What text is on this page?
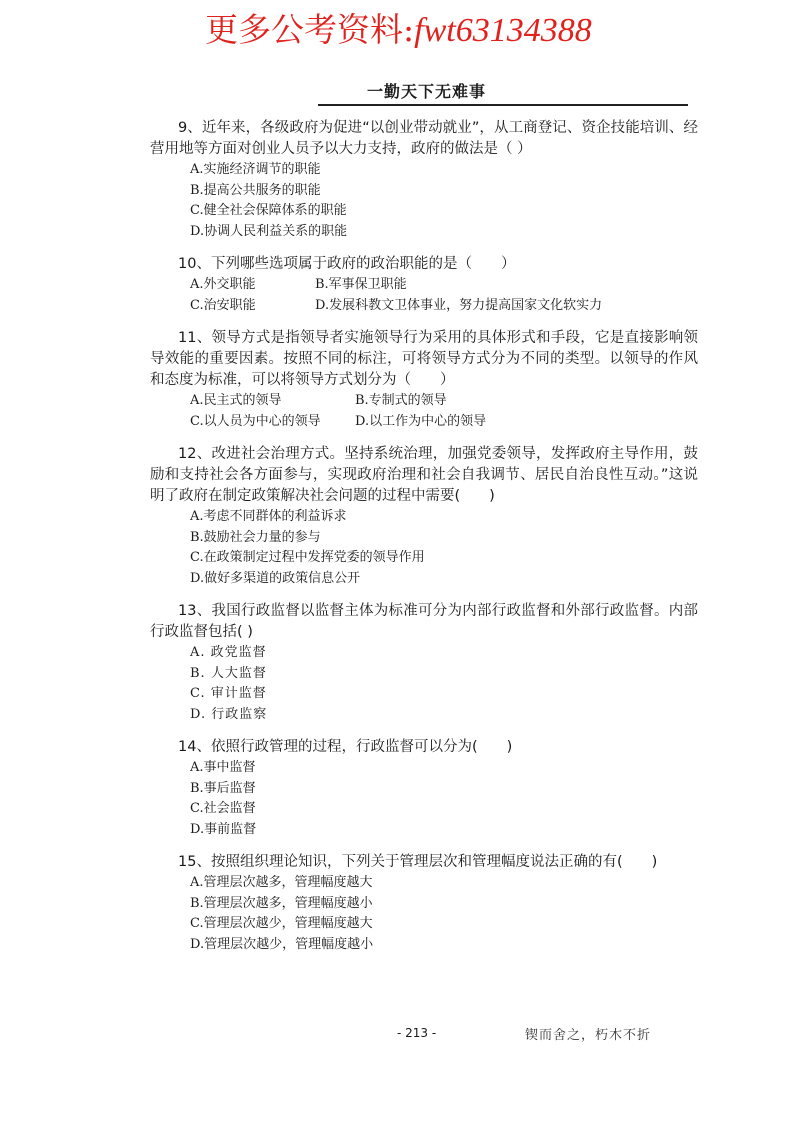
更多公考资料:fwt63134388
一勤天下无难事
9、近年来，各级政府为促进“以创业带动就业”，从工商登记、资企技能培训、经营用地等方面对创业人员予以大力支持，政府的做法是（ ）
A.实施经济调节的职能
B.提高公共服务的职能
C.健全社会保障体系的职能
D.协调人民利益关系的职能
10、下列哪些选项属于政府的政治职能的是（　　）
A.外交职能	B.军事保卫职能
C.治安职能	D.发展科教文卫体事业，努力提高国家文化软实力
11、领导方式是指领导者实施领导行为采用的具体形式和手段，它是直接影响领导效能的重要因素。按照不同的标注，可将领导方式分为不同的类型。以领导的作风和态度为标准，可以将领导方式划分为（　　）
A.民主式的领导	B.专制式的领导
C.以人员为中心的领导	D.以工作为中心的领导
12、改进社会治理方式。坚持系统治理，加强党委领导，发挥政府主导作用，鼓励和支持社会各方面参与，实现政府治理和社会自我调节、居民自治良性互动。”这说明了政府在制定政策解决社会问题的过程中需要(　　)
A.考虑不同群体的利益诉求
B.鼓励社会力量的参与
C.在政策制定过程中发挥党委的领导作用
D.做好多渠道的政策信息公开
13、我国行政监督以监督主体为标准可分为内部行政监督和外部行政监督。内部行政监督包括( )
A. 政党监督
B. 人大监督
C. 审计监督
D. 行政监察
14、依照行政管理的过程，行政监督可以分为(　　)
A.事中监督
B.事后监督
C.社会监督
D.事前监督
15、按照组织理论知识，下列关于管理层次和管理幅度说法正确的有(　　)
A.管理层次越多，管理幅度越大
B.管理层次越多，管理幅度越小
C.管理层次越少，管理幅度越大
D.管理层次越少，管理幅度越小
- 213 -	锲而舍之，朽木不折
